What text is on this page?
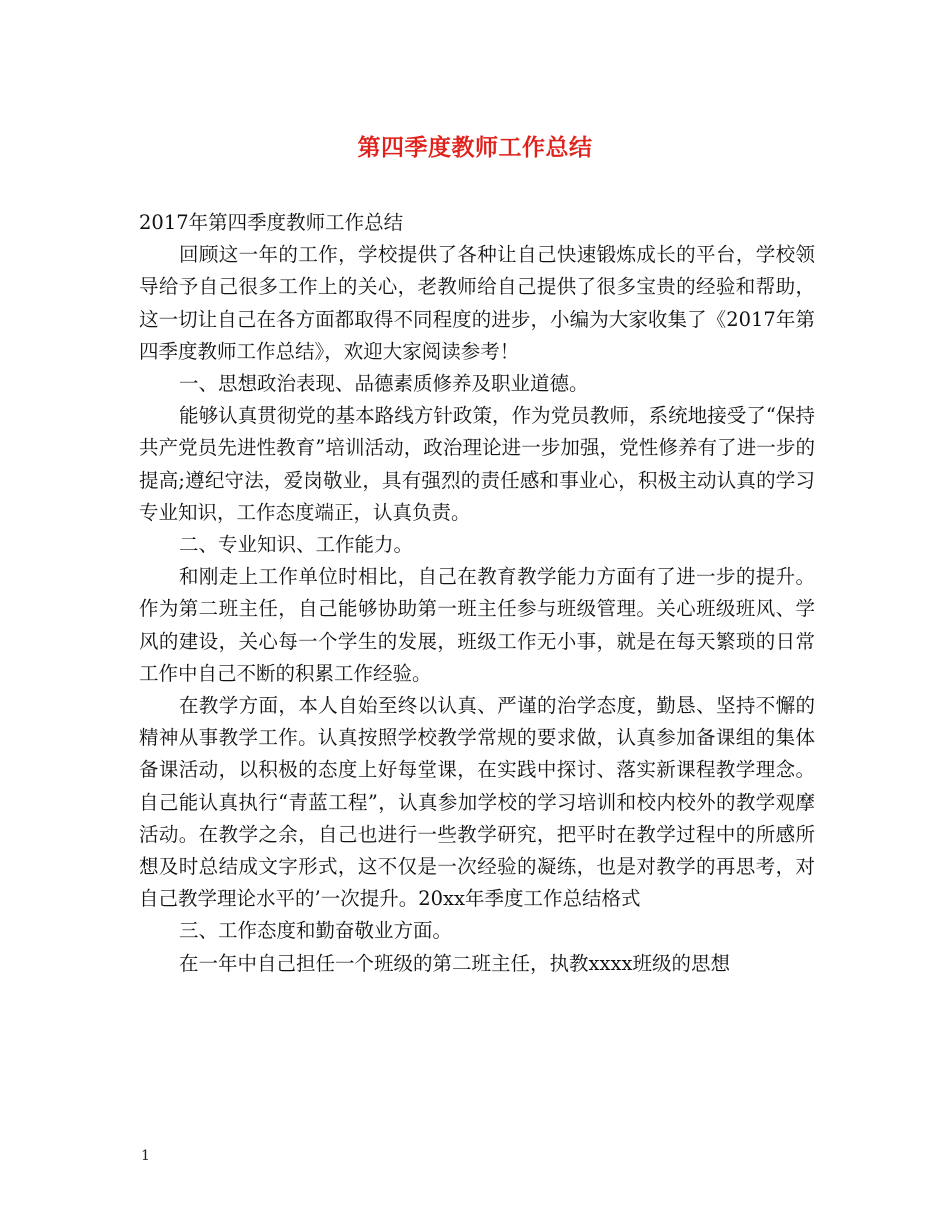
第四季度教师工作总结

2017年第四季度教师工作总结

回顾这一年的工作，学校提供了各种让自己快速锻炼成长的平台，学校领导给予自己很多工作上的关心，老教师给自己提供了很多宝贵的经验和帮助，这一切让自己在各方面都取得不同程度的进步，小编为大家收集了《2017年第四季度教师工作总结》，欢迎大家阅读参考！

一、思想政治表现、品德素质修养及职业道德。

能够认真贯彻党的基本路线方针政策，作为党员教师，系统地接受了“保持共产党员先进性教育”培训活动，政治理论进一步加强，党性修养有了进一步的提高;遵纪守法，爱岗敬业，具有强烈的责任感和事业心，积极主动认真的学习专业知识，工作态度端正，认真负责。

二、专业知识、工作能力。

和刚走上工作单位时相比，自己在教育教学能力方面有了进一步的提升。作为第二班主任，自己能够协助第一班主任参与班级管理。关心班级班风、学风的建设，关心每一个学生的发展，班级工作无小事，就是在每天繁琐的日常工作中自己不断的积累工作经验。

在教学方面，本人自始至终以认真、严谨的治学态度，勤恳、坚持不懈的精神从事教学工作。认真按照学校教学常规的要求做，认真参加备课组的集体备课活动，以积极的态度上好每堂课，在实践中探讨、落实新课程教学理念。自己能认真执行“青蓝工程”，认真参加学校的学习培训和校内校外的教学观摩活动。在教学之余，自己也进行一些教学研究，把平时在教学过程中的所感所想及时总结成文字形式，这不仅是一次经验的凝练，也是对教学的再思考，对自己教学理论水平的’一次提升。20xx年季度工作总结格式

三、工作态度和勤奋敬业方面。

在一年中自己担任一个班级的第二班主任，执教xxxx班级的思想

1
